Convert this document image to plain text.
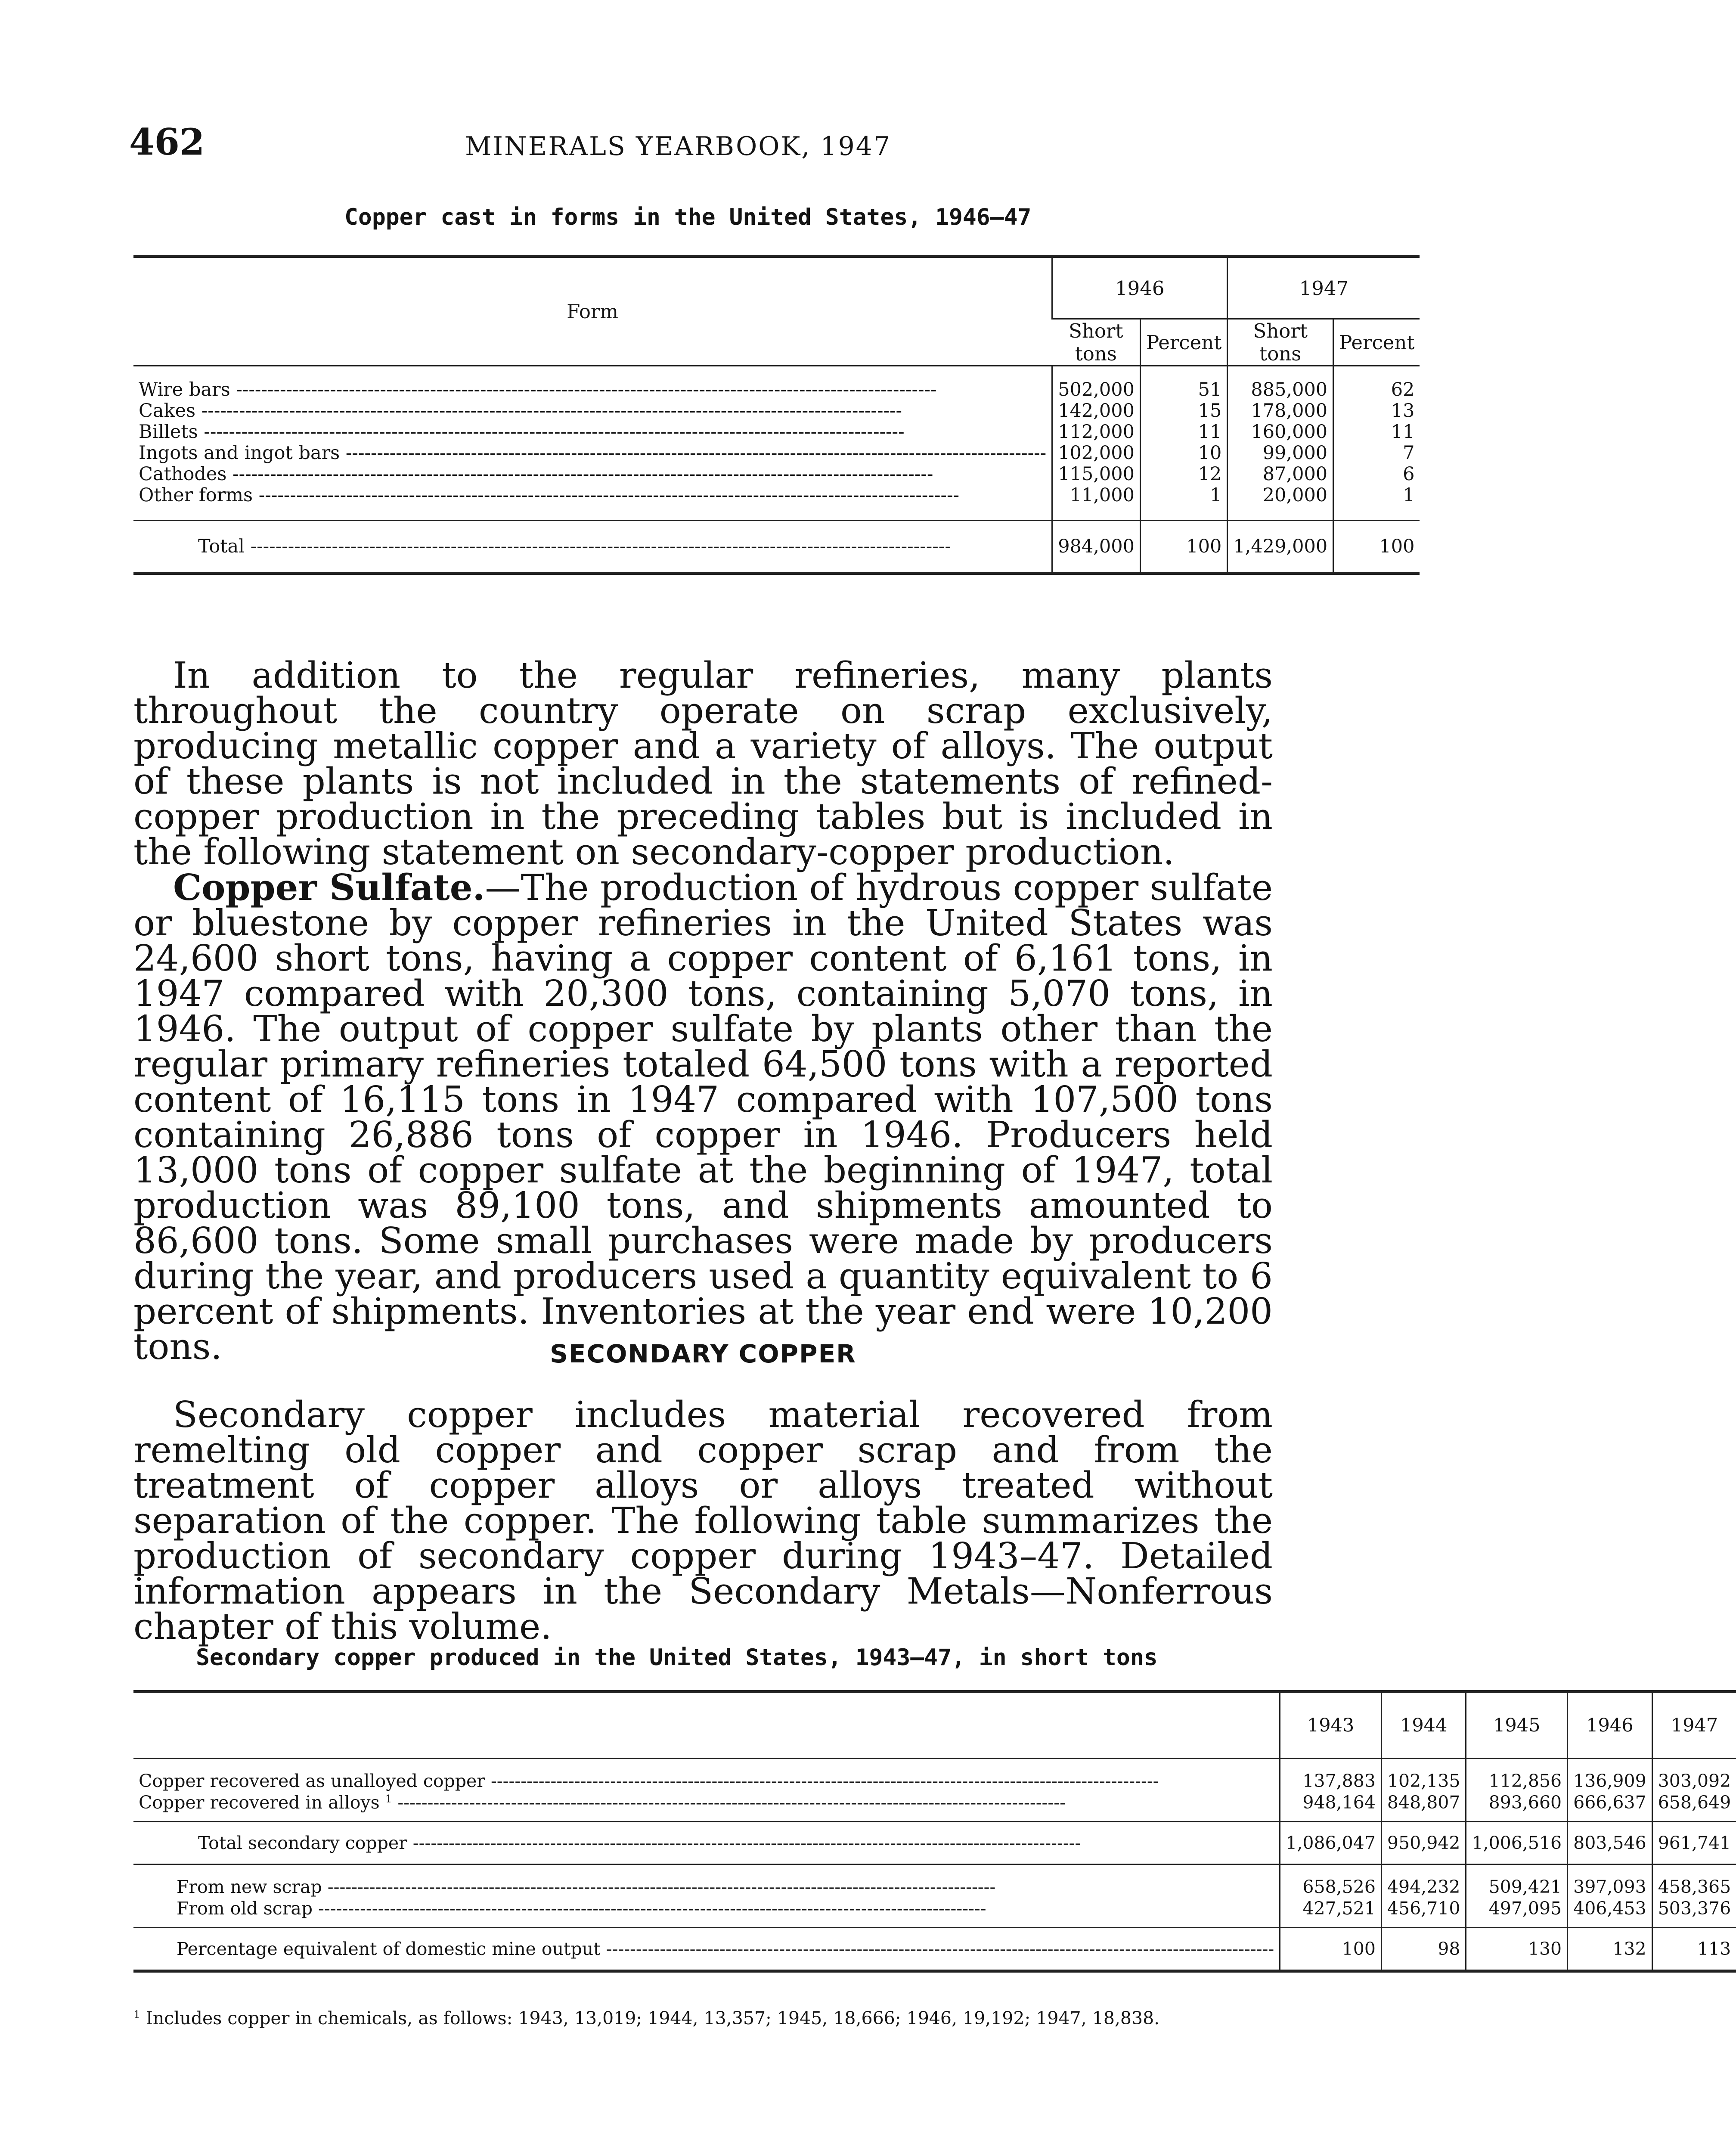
462	MINERALS YEARBOOK, 1947
Copper cast in forms in the United States, 1946–47
Form	1946		1947	
	Short tons	Percent	Short tons	Percent
Wire bars -----	502,000	51	885,000	62
Cakes -----	142,000	15	178,000	13
Billets -----	112,000	11	160,000	11
Ingots and ingot bars -----	102,000	10	99,000	7
Cathodes -----	115,000	12	87,000	6
Other forms -----	11,000	1	20,000	1
Total -----	984,000	100	1,429,000	100

In addition to the regular refineries, many plants throughout the country operate on scrap exclusively, producing metallic copper and a variety of alloys. The output of these plants is not included in the statements of refined-copper production in the preceding tables but is included in the following statement on secondary-copper production.

Copper Sulfate.—The production of hydrous copper sulfate or bluestone by copper refineries in the United States was 24,600 short tons, having a copper content of 6,161 tons, in 1947 compared with 20,300 tons, containing 5,070 tons, in 1946. The output of copper sulfate by plants other than the regular primary refineries totaled 64,500 tons with a reported content of 16,115 tons in 1947 compared with 107,500 tons containing 26,886 tons of copper in 1946. Producers held 13,000 tons of copper sulfate at the beginning of 1947, total production was 89,100 tons, and shipments amounted to 86,600 tons. Some small purchases were made by producers during the year, and producers used a quantity equivalent to 6 percent of shipments. Inventories at the year end were 10,200 tons.	SECONDARY COPPER

Secondary copper includes material recovered from remelting old copper and copper scrap and from the treatment of copper alloys or alloys treated without separation of the copper. The following table summarizes the production of secondary copper during 1943–47. Detailed information appears in the Secondary Metals—Nonferrous chapter of this volume.

Secondary copper produced in the United States, 1943–47, in short tons
	1943	1944	1945	1946	1947
Copper recovered as unalloyed copper -----	137,883	102,135	112,856	136,909	303,092
Copper recovered in alloys $^1$ -----	948,164	848,807	893,660	666,637	658,649
Total secondary copper -----	1,086,047	950,942	1,006,516	803,546	961,741
From new scrap -----	658,526	494,232	509,421	397,093	458,365
From old scrap -----	427,521	456,710	497,095	406,453	503,376
Percentage equivalent of domestic mine output -----	100	98	130	132	113
$^1$ Includes copper in chemicals, as follows: 1943, 13,019; 1944, 13,357; 1945, 18,666; 1946, 19,192; 1947, 18,838.
